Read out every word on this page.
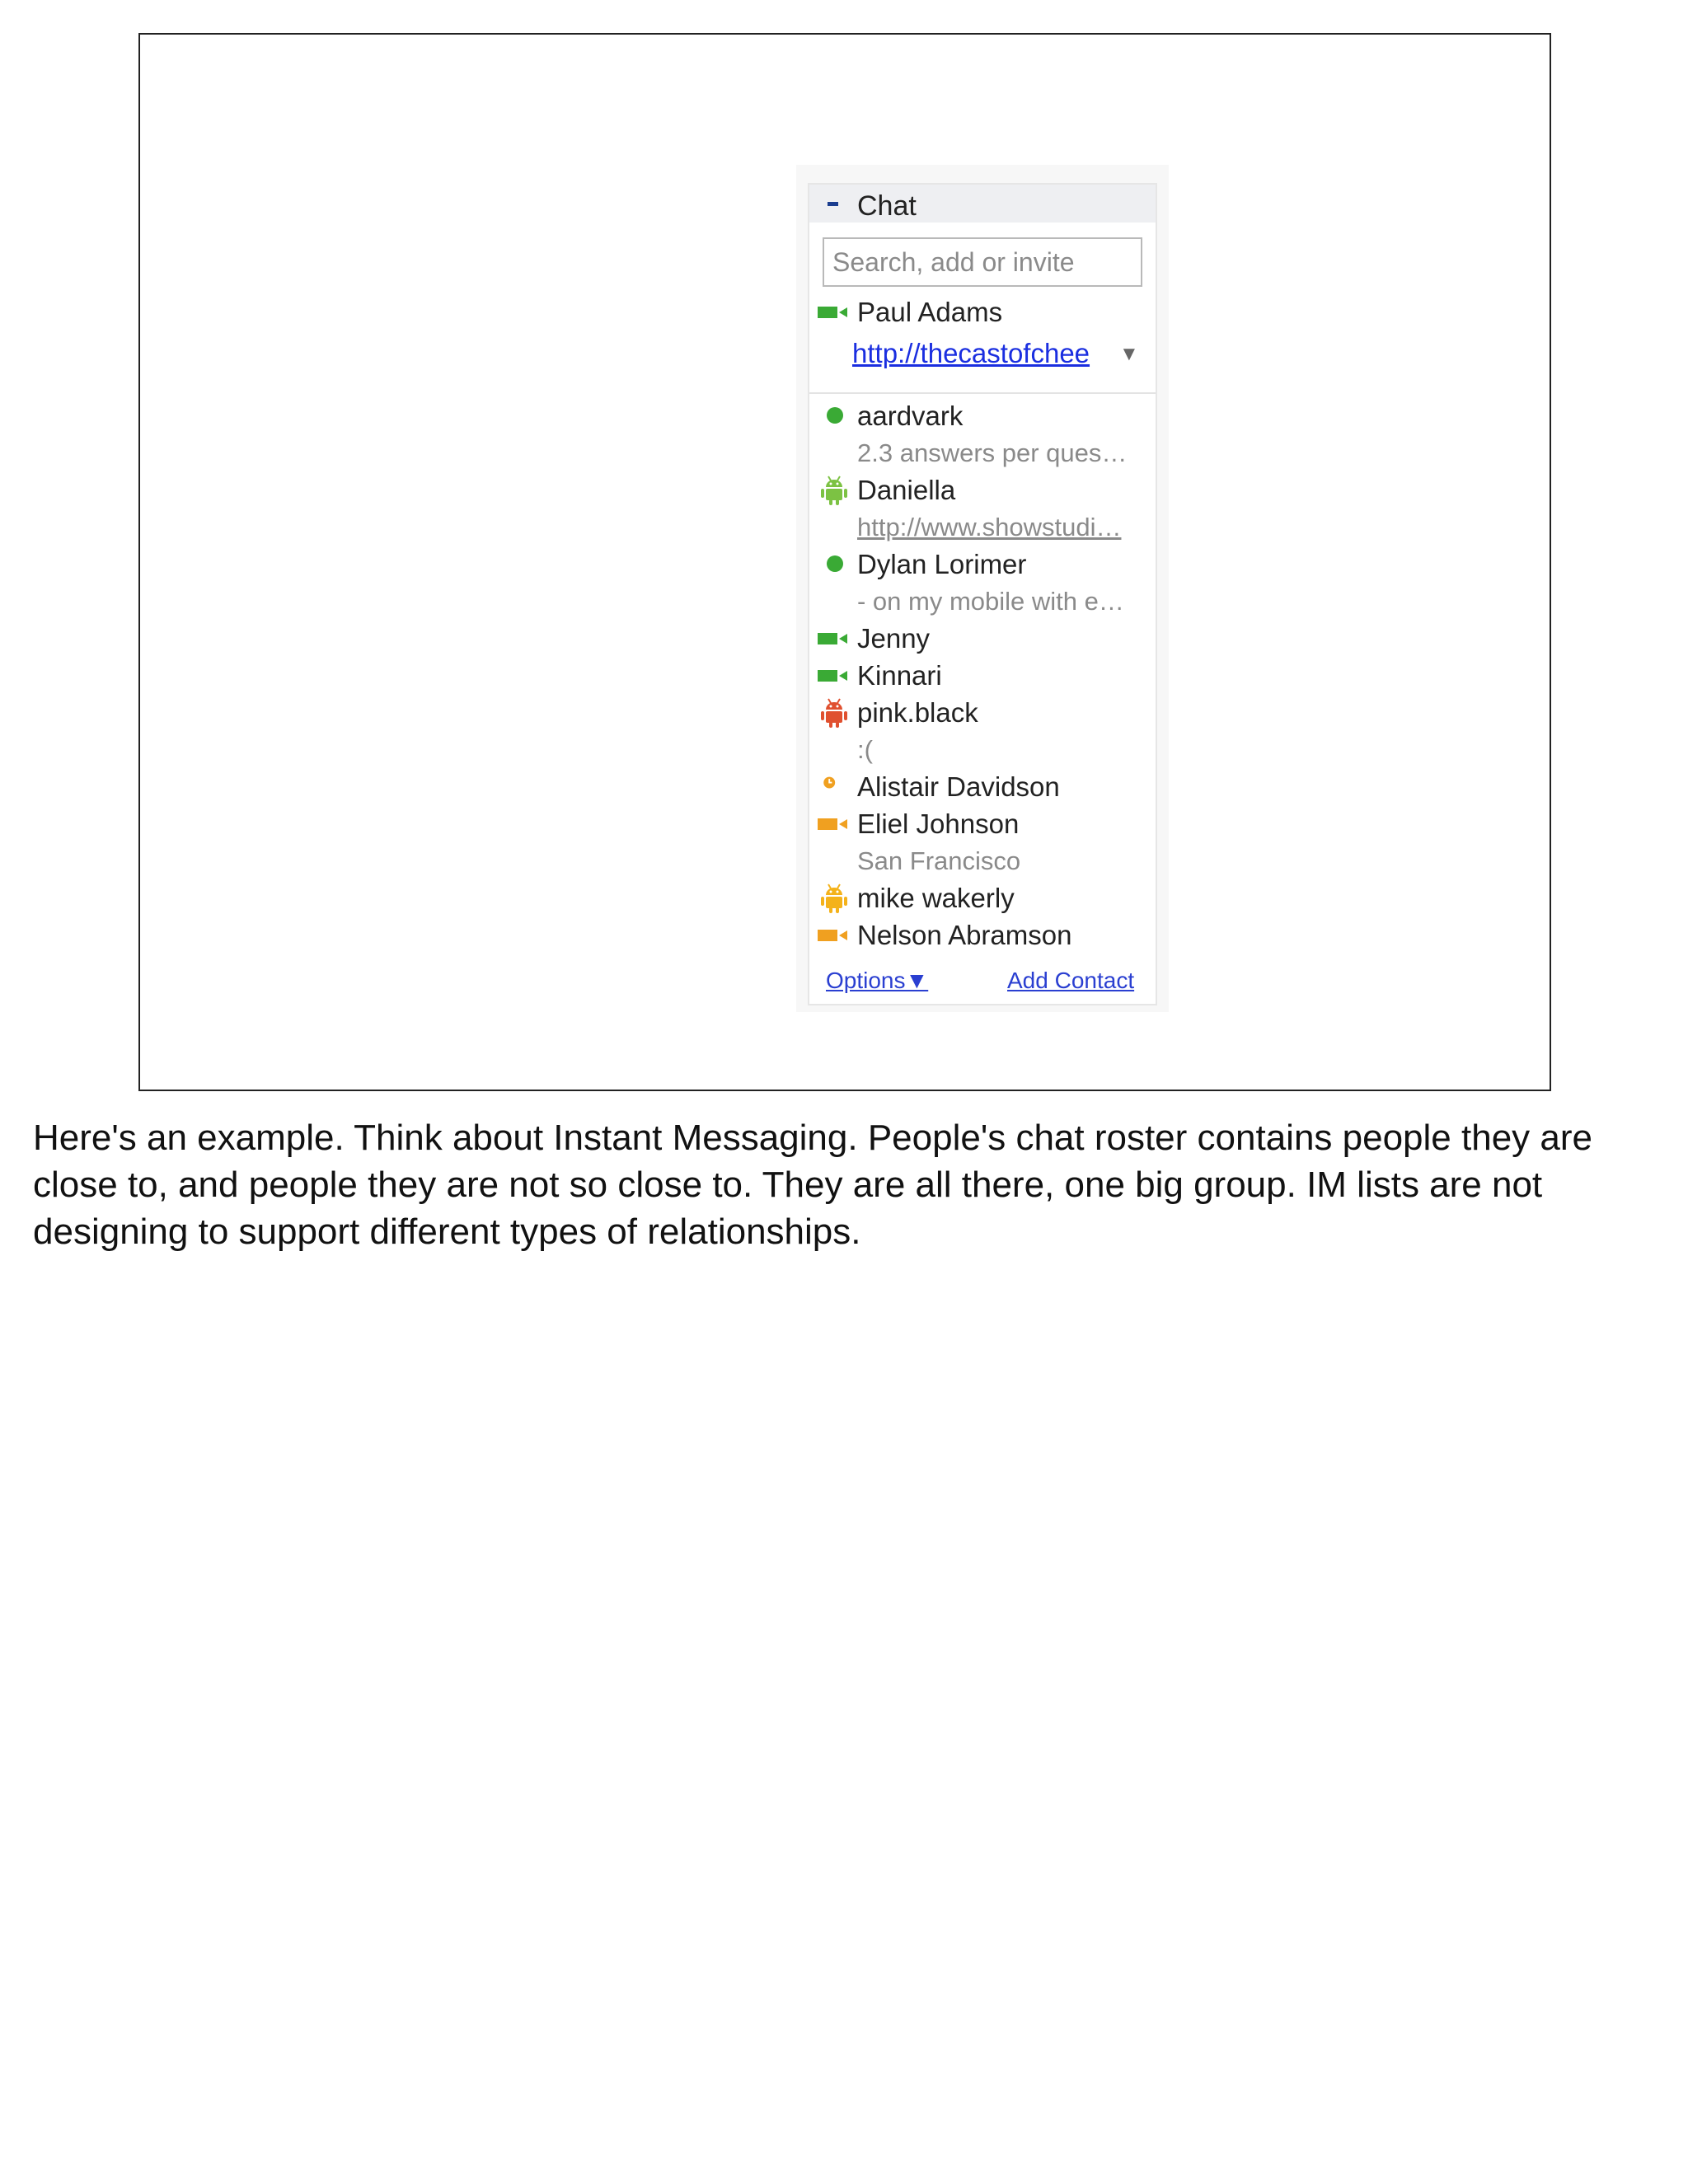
Chat
Search, add or invite
Paul Adams
http://thecastofchee ▼
aardvark
2.3 answers per ques…
Daniella
http://www.showstudi…
Dylan Lorimer
- on my mobile with e…
Jenny
Kinnari
pink.black
:(
Alistair Davidson
Eliel Johnson
San Francisco
mike wakerly
Nelson Abramson
Options▼	Add Contact
Here's an example. Think about Instant Messaging. People's chat roster contains people they are close to, and people they are not so close to. They are all there, one big group. IM lists are not designing to support different types of relationships.
